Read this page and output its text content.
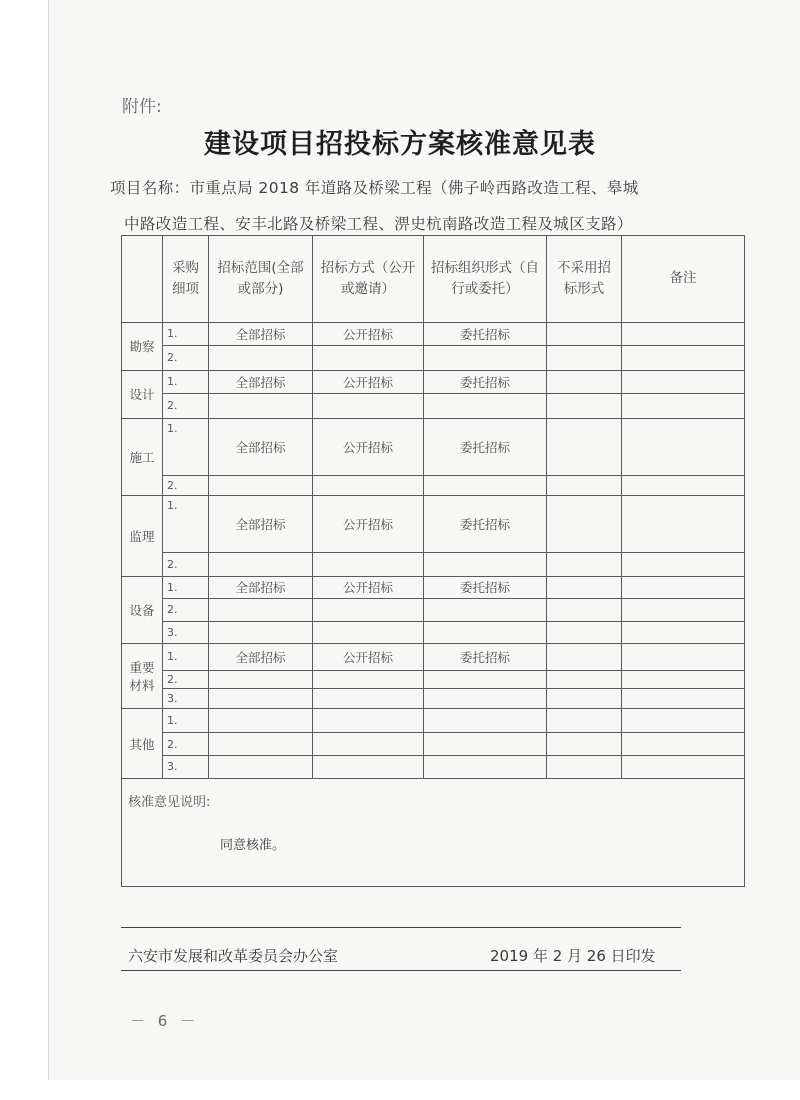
附件:
建设项目招投标方案核准意见表
项目名称：市重点局 2018 年道路及桥梁工程（佛子岭西路改造工程、皋城
中路改造工程、安丰北路及桥梁工程、淠史杭南路改造工程及城区支路）
	采购细项	招标范围(全部或部分)	招标方式（公开或邀请）	招标组织形式（自行或委托）	不采用招标形式	备注
勘察	1.	全部招标	公开招标	委托招标		
	2.					
设计	1.	全部招标	公开招标	委托招标		
	2.					
施工	1.	全部招标	公开招标	委托招标		
	2.					
监理	1.	全部招标	公开招标	委托招标		
	2.					
设备	1.	全部招标	公开招标	委托招标		
	2.					
	3.					
重要材料	1.	全部招标	公开招标	委托招标		
	2.					
	3.					
其他	1.					
	2.					
	3.					

核准意见说明:
同意核准。						
六安市发展和改革委员会办公室	2019 年 2 月 26 日印发
－ 6 －
